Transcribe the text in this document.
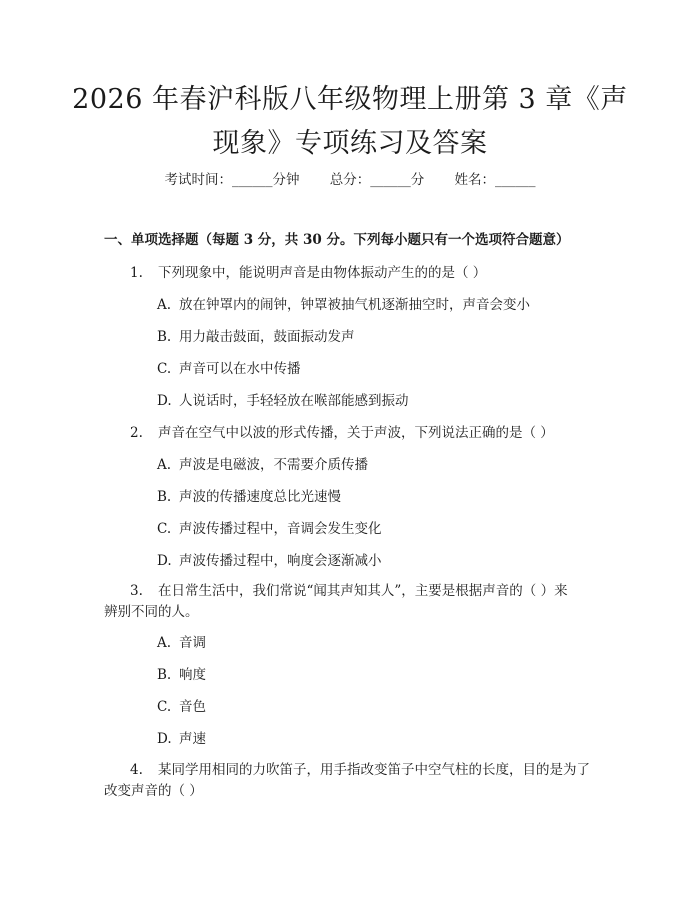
2026 年春沪科版八年级物理上册第 3 章《声
现象》专项练习及答案
考试时间：______分钟 总分：______分 姓名：______
一、单项选择题（每题 3 分，共 30 分。下列每小题只有一个选项符合题意）
1. 下列现象中，能说明声音是由物体振动产生的的是（ ）
A. 放在钟罩内的闹钟，钟罩被抽气机逐渐抽空时，声音会变小
B. 用力敲击鼓面，鼓面振动发声
C. 声音可以在水中传播
D. 人说话时，手轻轻放在喉部能感到振动
2. 声音在空气中以波的形式传播，关于声波，下列说法正确的是（ ）
A. 声波是电磁波，不需要介质传播
B. 声波的传播速度总比光速慢
C. 声波传播过程中，音调会发生变化
D. 声波传播过程中，响度会逐渐减小
3. 在日常生活中，我们常说“闻其声知其人”，主要是根据声音的（ ）来
辨别不同的人。
A. 音调
B. 响度
C. 音色
D. 声速
4. 某同学用相同的力吹笛子，用手指改变笛子中空气柱的长度，目的是为了
改变声音的（ ）
